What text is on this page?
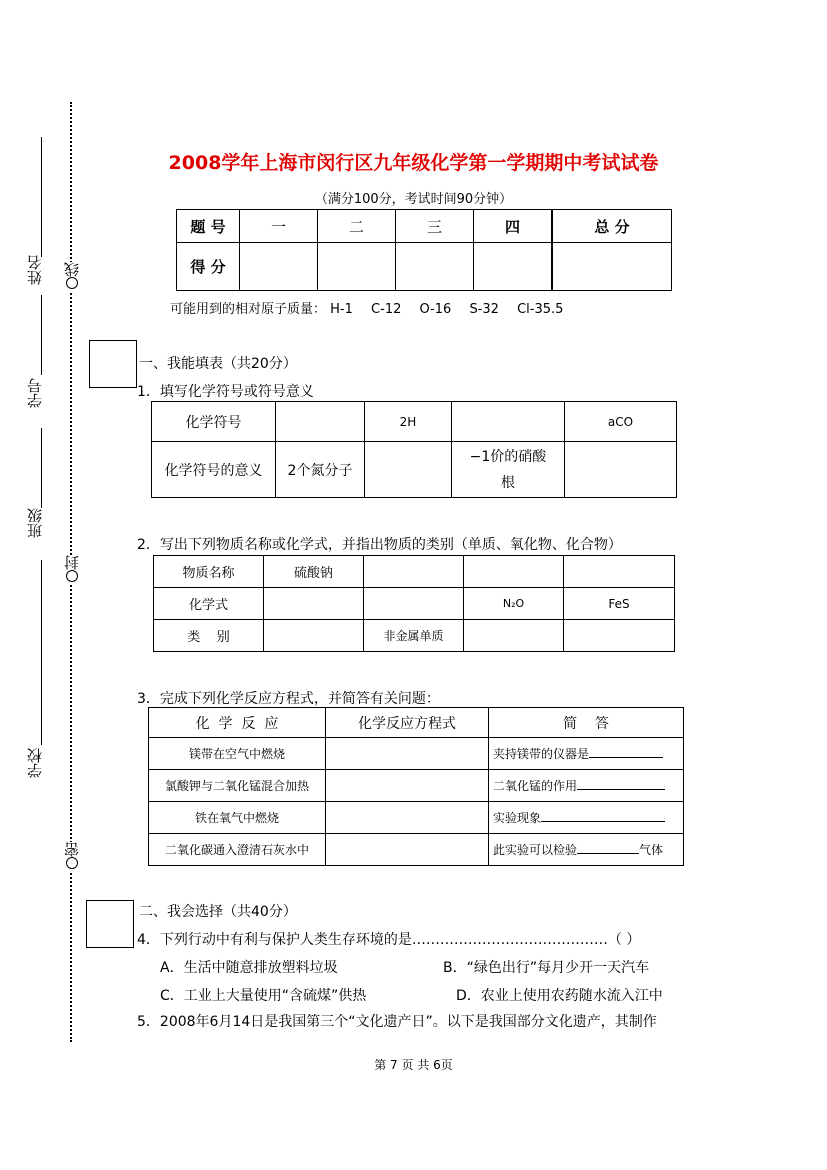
姓名
学号
班级
学校
线
封
密
2008学年上海市闵行区九年级化学第一学期期中考试试卷
（满分100分，考试时间90分钟）
题 号	一	二	三	四	总 分
得 分					
可能用到的相对原子质量： H-1 C-12 O-16 S-32 Cl-35.5
一、我能填表（共20分）
1．填写化学符号或符号意义
化学符号		2H		aCO
化学符号的意义	2个氮分子		−1价的硝酸根	
2．写出下列物质名称或化学式，并指出物质的类别（单质、氧化物、化合物）
物质名称	硫酸钠			
化学式			N₂O	FeS
类    别		非金属单质		
3．完成下列化学反应方程式，并简答有关问题：
化  学  反  应	化学反应方程式	简    答
镁带在空气中燃烧		夹持镁带的仪器是
氯酸钾与二氧化锰混合加热		二氧化锰的作用
铁在氧气中燃烧		实验现象
二氧化碳通入澄清石灰水中		此实验可以检验 气体
二、我会选择（共40分）
4．下列行动中有利与保护人类生存环境的是……………………………………（ ）
A．生活中随意排放塑料垃圾	B．“绿色出行”每月少开一天汽车
C．工业上大量使用“含硫煤”供热	D．农业上使用农药随水流入江中
5．2008年6月14日是我国第三个“文化遗产日”。以下是我国部分文化遗产，其制作
第 7 页 共 6页
